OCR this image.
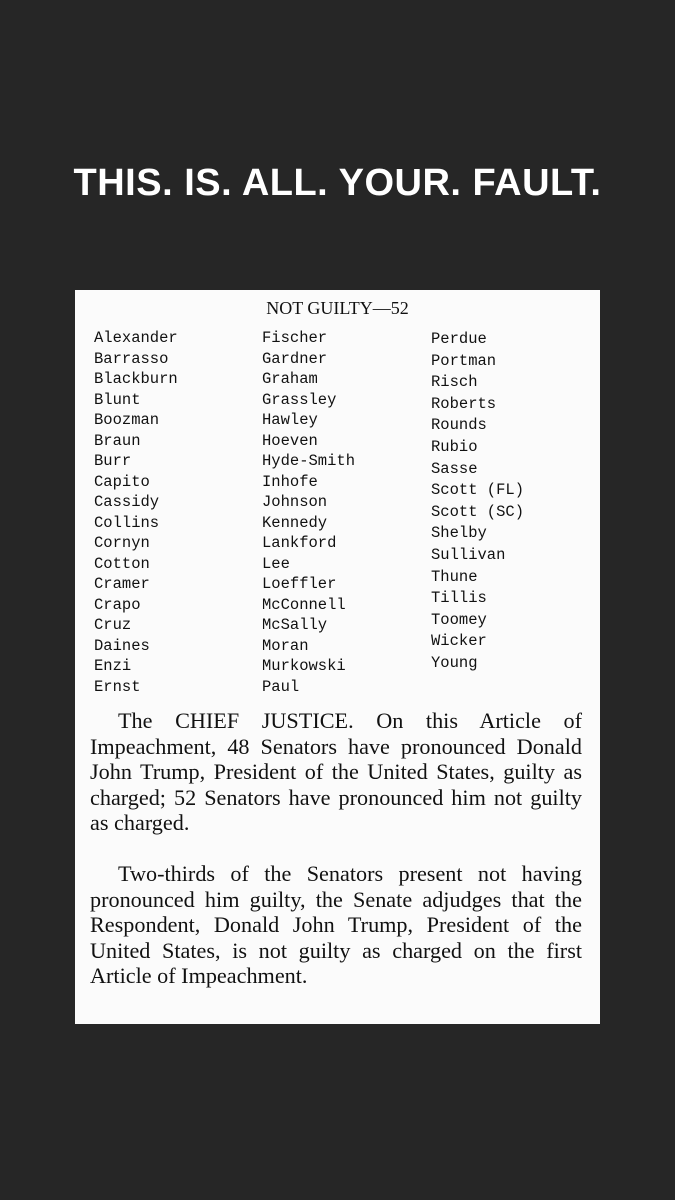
THIS. IS. ALL. YOUR. FAULT.
NOT GUILTY—52
Alexander
Barrasso
Blackburn
Blunt
Boozman
Braun
Burr
Capito
Cassidy
Collins
Cornyn
Cotton
Cramer
Crapo
Cruz
Daines
Enzi
Ernst
Fischer
Gardner
Graham
Grassley
Hawley
Hoeven
Hyde-Smith
Inhofe
Johnson
Kennedy
Lankford
Lee
Loeffler
McConnell
McSally
Moran
Murkowski
Paul
Perdue
Portman
Risch
Roberts
Rounds
Rubio
Sasse
Scott (FL)
Scott (SC)
Shelby
Sullivan
Thune
Tillis
Toomey
Wicker
Young

The CHIEF JUSTICE. On this Article of Impeachment, 48 Senators have pronounced Donald John Trump, President of the United States, guilty as charged; 52 Senators have pronounced him not guilty as charged.

Two-thirds of the Senators present not having pronounced him guilty, the Senate adjudges that the Respondent, Donald John Trump, President of the United States, is not guilty as charged on the first Article of Impeachment.
